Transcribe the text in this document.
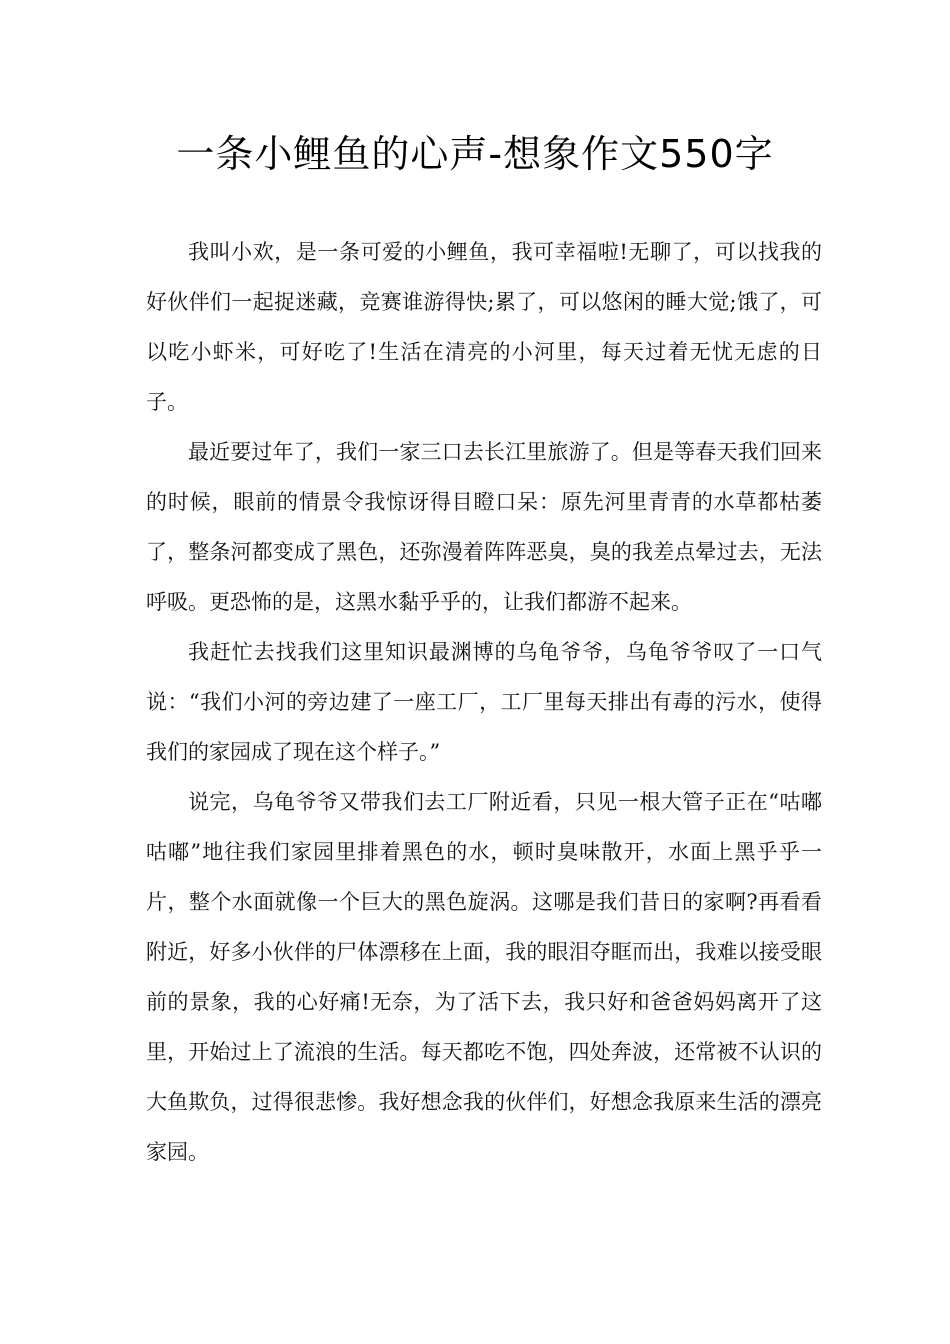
一条小鲤鱼的心声-想象作文550字

我叫小欢，是一条可爱的小鲤鱼，我可幸福啦!无聊了，可以找我的好伙伴们一起捉迷藏，竞赛谁游得快;累了，可以悠闲的睡大觉;饿了，可以吃小虾米，可好吃了!生活在清亮的小河里，每天过着无忧无虑的日子。

最近要过年了，我们一家三口去长江里旅游了。但是等春天我们回来的时候，眼前的情景令我惊讶得目瞪口呆：原先河里青青的水草都枯萎了，整条河都变成了黑色，还弥漫着阵阵恶臭，臭的我差点晕过去，无法呼吸。更恐怖的是，这黑水黏乎乎的，让我们都游不起来。

我赶忙去找我们这里知识最渊博的乌龟爷爷，乌龟爷爷叹了一口气说：“我们小河的旁边建了一座工厂，工厂里每天排出有毒的污水，使得我们的家园成了现在这个样子。”

说完，乌龟爷爷又带我们去工厂附近看，只见一根大管子正在“咕嘟咕嘟”地往我们家园里排着黑色的水，顿时臭味散开，水面上黑乎乎一片，整个水面就像一个巨大的黑色旋涡。这哪是我们昔日的家啊?再看看附近，好多小伙伴的尸体漂移在上面，我的眼泪夺眶而出，我难以接受眼前的景象，我的心好痛!无奈，为了活下去，我只好和爸爸妈妈离开了这里，开始过上了流浪的生活。每天都吃不饱，四处奔波，还常被不认识的大鱼欺负，过得很悲惨。我好想念我的伙伴们，好想念我原来生活的漂亮家园。
